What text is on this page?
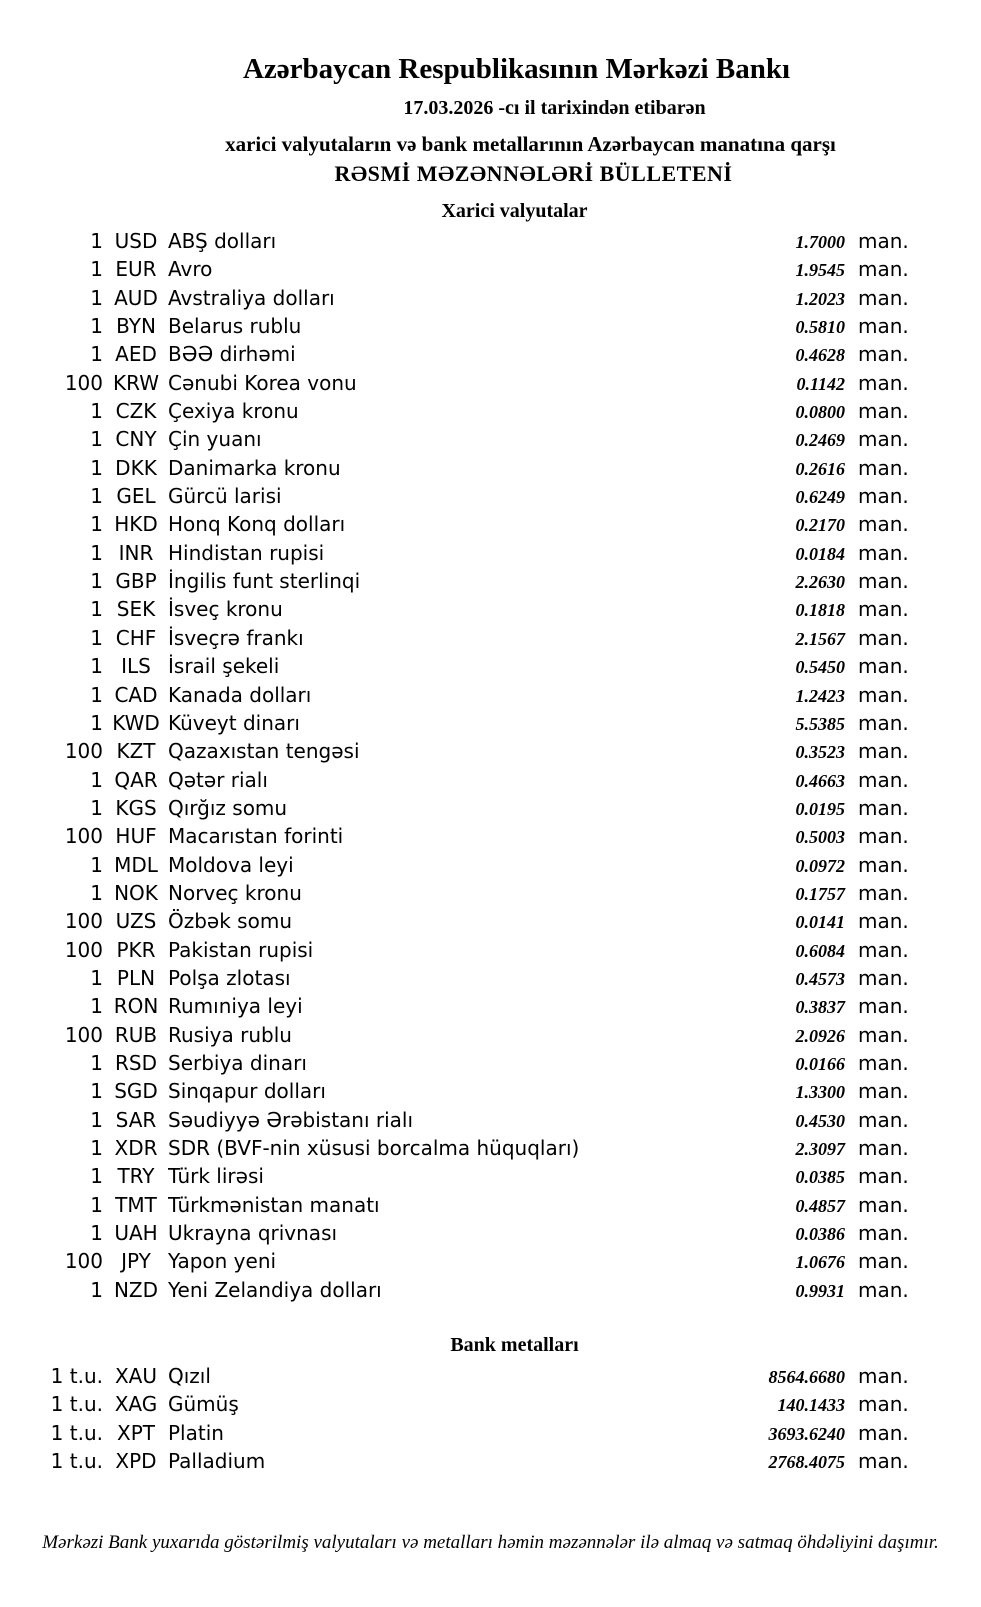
Azərbaycan Respublikasının Mərkəzi Bankı
17.03.2026 -cı il tarixindən etibarən
xarici valyutaların və bank metallarının Azərbaycan manatına qarşı
RƏSMİ MƏZƏNNƏLƏRİ BÜLLETENİ
Xarici valyutalar
1 USD ABŞ dolları	1.7000 man.
1 EUR Avro	1.9545 man.
1 AUD Avstraliya dolları	1.2023 man.
1 BYN Belarus rublu	0.5810 man.
1 AED BƏƏ dirhəmi	0.4628 man.
100 KRW Cənubi Korea vonu	0.1142 man.
1 CZK Çexiya kronu	0.0800 man.
1 CNY Çin yuanı	0.2469 man.
1 DKK Danimarka kronu	0.2616 man.
1 GEL Gürcü larisi	0.6249 man.
1 HKD Honq Konq dolları	0.2170 man.
1 INR Hindistan rupisi	0.0184 man.
1 GBP İngilis funt sterlinqi	2.2630 man.
1 SEK İsveç kronu	0.1818 man.
1 CHF İsveçrə frankı	2.1567 man.
1 ILS İsrail şekeli	0.5450 man.
1 CAD Kanada dolları	1.2423 man.
1 KWD Küveyt dinarı	5.5385 man.
100 KZT Qazaxıstan tengəsi	0.3523 man.
1 QAR Qətər rialı	0.4663 man.
1 KGS Qırğız somu	0.0195 man.
100 HUF Macarıstan forinti	0.5003 man.
1 MDL Moldova leyi	0.0972 man.
1 NOK Norveç kronu	0.1757 man.
100 UZS Özbək somu	0.0141 man.
100 PKR Pakistan rupisi	0.6084 man.
1 PLN Polşa zlotası	0.4573 man.
1 RON Rumıniya leyi	0.3837 man.
100 RUB Rusiya rublu	2.0926 man.
1 RSD Serbiya dinarı	0.0166 man.
1 SGD Sinqapur dolları	1.3300 man.
1 SAR Səudiyyə Ərəbistanı rialı	0.4530 man.
1 XDR SDR (BVF-nin xüsusi borcalma hüquqları)	2.3097 man.
1 TRY Türk lirəsi	0.0385 man.
1 TMT Türkmənistan manatı	0.4857 man.
1 UAH Ukrayna qrivnası	0.0386 man.
100 JPY Yapon yeni	1.0676 man.
1 NZD Yeni Zelandiya dolları	0.9931 man.
Bank metalları
1 t.u. XAU Qızıl	8564.6680 man.
1 t.u. XAG Gümüş	140.1433 man.
1 t.u. XPT Platin	3693.6240 man.
1 t.u. XPD Palladium	2768.4075 man.
Mərkəzi Bank yuxarıda göstərilmiş valyutaları və metalları həmin məzənnələr ilə almaq və satmaq öhdəliyini daşımır.
